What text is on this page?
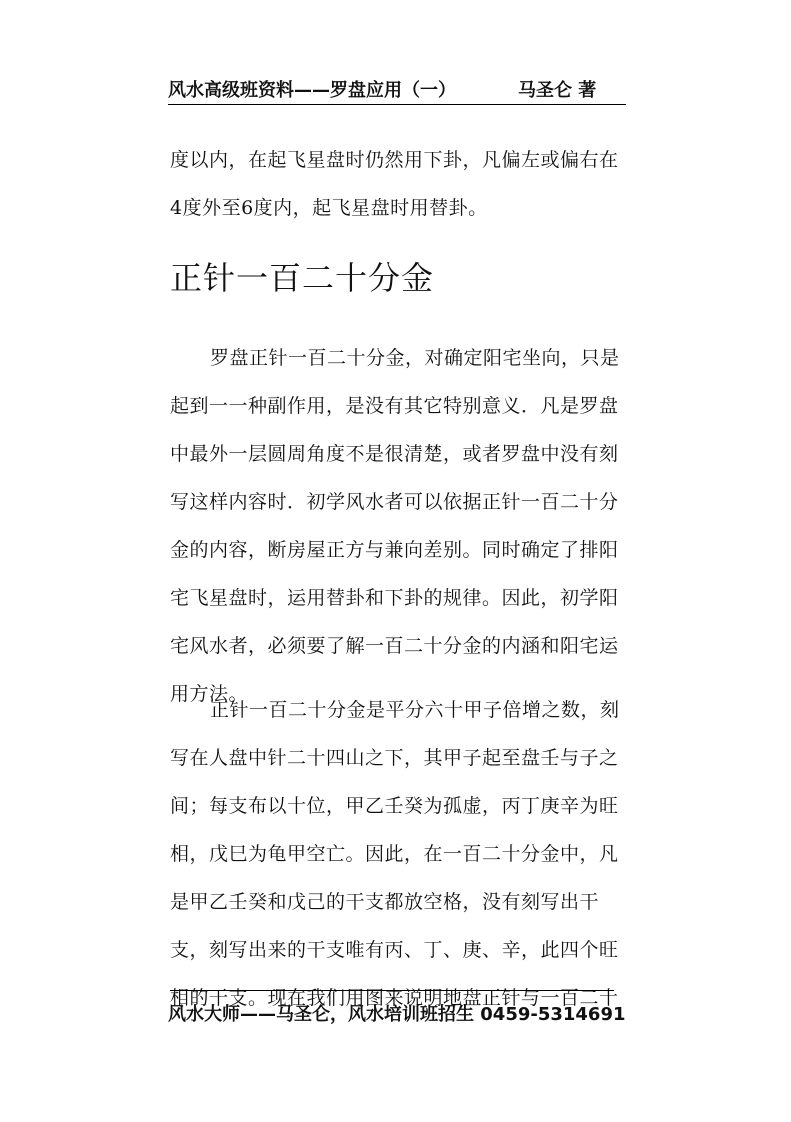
风水高级班资料——罗盘应用（一）	马圣仑 著

度以内，在起飞星盘时仍然用下卦，凡偏左或偏右在4度外至6度内，起飞星盘时用替卦。

正针一百二十分金

罗盘正针一百二十分金，对确定阳宅坐向，只是起到一一种副作用，是没有其它特别意义．凡是罗盘中最外一层圆周角度不是很清楚，或者罗盘中没有刻写这样内容时．初学风水者可以依据正针一百二十分金的内容，断房屋正方与兼向差别。同时确定了排阳宅飞星盘时，运用替卦和下卦的规律。因此，初学阳宅风水者，必须要了解一百二十分金的内涵和阳宅运用方法。

正针一百二十分金是平分六十甲子倍增之数，刻写在人盘中针二十四山之下，其甲子起至盘壬与子之间；每支布以十位，甲乙壬癸为孤虚，丙丁庚辛为旺相，戊巳为龟甲空亡。因此，在一百二十分金中，凡是甲乙壬癸和戊己的干支都放空格，没有刻写出干支，刻写出来的干支唯有丙、丁、庚、辛，此四个旺相的干支。现在我们用图来说明地盘正针与一百二十

风水大师——马圣仑，风水培训班招生 0459-5314691
